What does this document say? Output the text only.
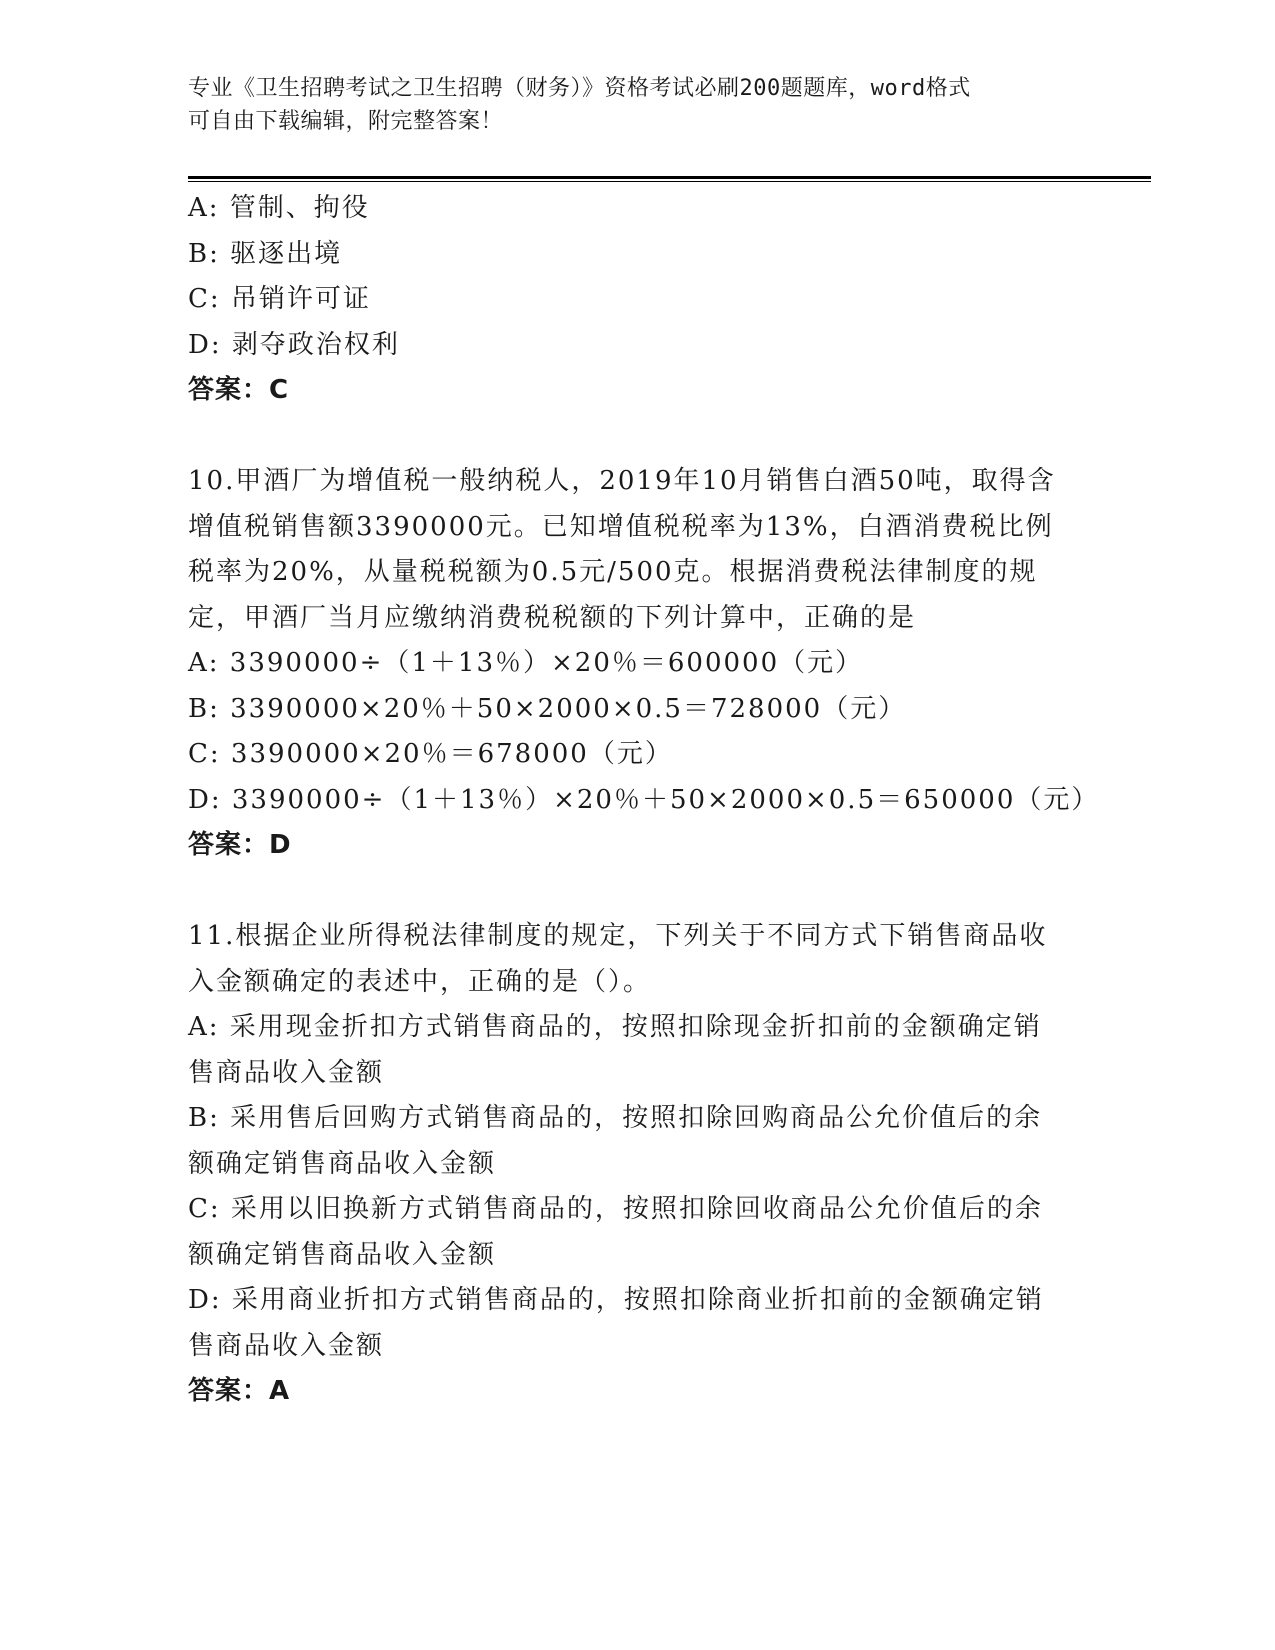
专业《卫生招聘考试之卫生招聘（财务）》资格考试必刷200题题库，word格式
可自由下载编辑，附完整答案！
A: 管制、拘役
B: 驱逐出境
C: 吊销许可证
D: 剥夺政治权利
答案：C
10.甲酒厂为增值税一般纳税人，2019年10月销售白酒50吨，取得含
增值税销售额3390000元。已知增值税税率为13%，白酒消费税比例
税率为20%，从量税税额为0.5元/500克。根据消费税法律制度的规
定，甲酒厂当月应缴纳消费税税额的下列计算中，正确的是
A: 3390000÷（1＋13％）×20％＝600000（元）
B: 3390000×20％＋50×2000×0.5＝728000（元）
C: 3390000×20％＝678000（元）
D: 3390000÷（1＋13％）×20％＋50×2000×0.5＝650000（元）
答案：D
11.根据企业所得税法律制度的规定，下列关于不同方式下销售商品收
入金额确定的表述中，正确的是（）。
A: 采用现金折扣方式销售商品的，按照扣除现金折扣前的金额确定销
售商品收入金额
B: 采用售后回购方式销售商品的，按照扣除回购商品公允价值后的余
额确定销售商品收入金额
C: 采用以旧换新方式销售商品的，按照扣除回收商品公允价值后的余
额确定销售商品收入金额
D: 采用商业折扣方式销售商品的，按照扣除商业折扣前的金额确定销
售商品收入金额
答案：A
